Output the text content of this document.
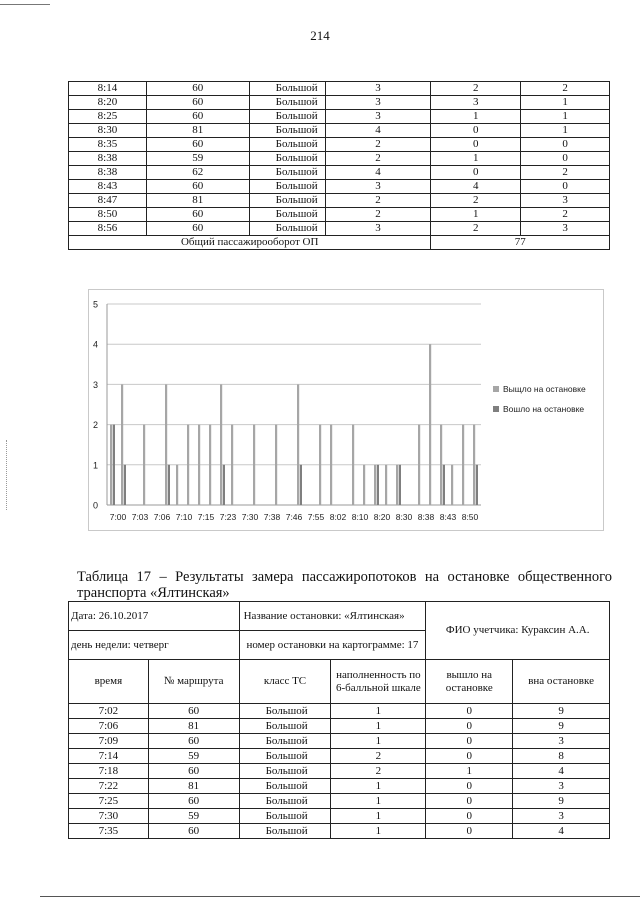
214
8:14	60	Большой	3	2	2
8:20	60	Большой	3	3	1
8:25	60	Большой	3	1	1
8:30	81	Большой	4	0	1
8:35	60	Большой	2	0	0
8:38	59	Большой	2	1	0
8:38	62	Большой	4	0	2
8:43	60	Большой	3	4	0
8:47	81	Большой	2	2	3
8:50	60	Большой	2	1	2
8:56	60	Большой	3	2	3
Общий пассажирооборот ОП				77	
0
1
2
3
4
5
7:00 7:03 7:06 7:10 7:15 7:23 7:30 7:38 7:46 7:55 8:02 8:10 8:20 8:30 8:38 8:43 8:50
Выщло на остановке
Вошло на остановке
Таблица 17 – Результаты замера пассажиропотоков на остановке общественного транспорта «Ялтинская»
Дата: 26.10.2017		Название остановки: «Ялтинская»		ФИО учетчика: Кураксин А.А.	
день недели: четверг		номер остановки на картограмме: 17			
время	№ маршрута	класс ТС	наполненность по 6-балльной шкале	вышло на остановке	вна остановке
7:02	60	Большой	1	0	9
7:06	81	Большой	1	0	9
7:09	60	Большой	1	0	3
7:14	59	Большой	2	0	8
7:18	60	Большой	2	1	4
7:22	81	Большой	1	0	3
7:25	60	Большой	1	0	9
7:30	59	Большой	1	0	3
7:35	60	Большой	1	0	4
